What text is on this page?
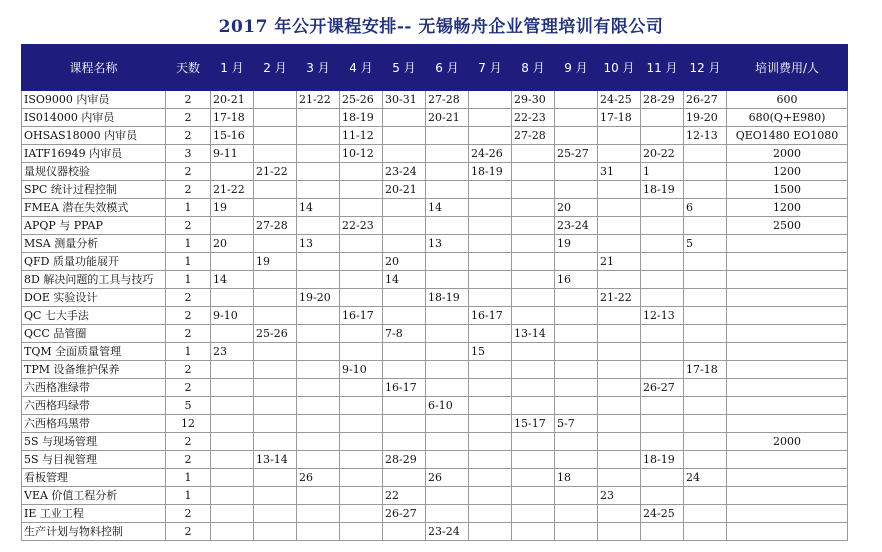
2017 年公开课程安排-- 无锡畅舟企业管理培训有限公司
课程名称	天数	1 月	2 月	3 月	4 月	5 月	6 月	7 月	8 月	9 月	10 月	11 月	12 月	培训费用/人
ISO9000 内审员	2	20-21		21-22	25-26	30-31	27-28		29-30		24-25	28-29	26-27	600
IS014000 内审员	2	17-18			18-19		20-21		22-23		17-18		19-20	680(Q+E980)
OHSAS18000 内审员	2	15-16			11-12				27-28				12-13	QEO1480 EO1080
IATF16949 内审员	3	9-11			10-12			24-26		25-27		20-22		2000
量规仪器校验	2		21-22			23-24		18-19			31	1		1200
SPC 统计过程控制	2	21-22				20-21						18-19		1500
FMEA 潜在失效模式	1	19		14			14			20			6	1200
APQP 与 PPAP	2		27-28		22-23					23-24				2500
MSA 测量分析	1	20		13			13			19			5	
QFD 质量功能展开	1		19			20					21			
8D 解决问题的工具与技巧	1	14				14				16				
DOE 实验设计	2			19-20			18-19				21-22			
QC 七大手法	2	9-10			16-17			16-17				12-13		
QCC 品管圈	2		25-26			7-8			13-14					
TQM 全面质量管理	1	23						15						
TPM 设备维护保养	2				9-10								17-18	
六西格准绿带	2					16-17						26-27		
六西格玛绿带	5						6-10							
六西格玛黑带	12								15-17	5-7				
5S 与现场管理	2													2000
5S 与目视管理	2		13-14			28-29						18-19		
看板管理	1			26			26			18			24	
VEA 价值工程分析	1					22					23			
IE 工业工程	2					26-27						24-25		
生产计划与物料控制	2						23-24							
